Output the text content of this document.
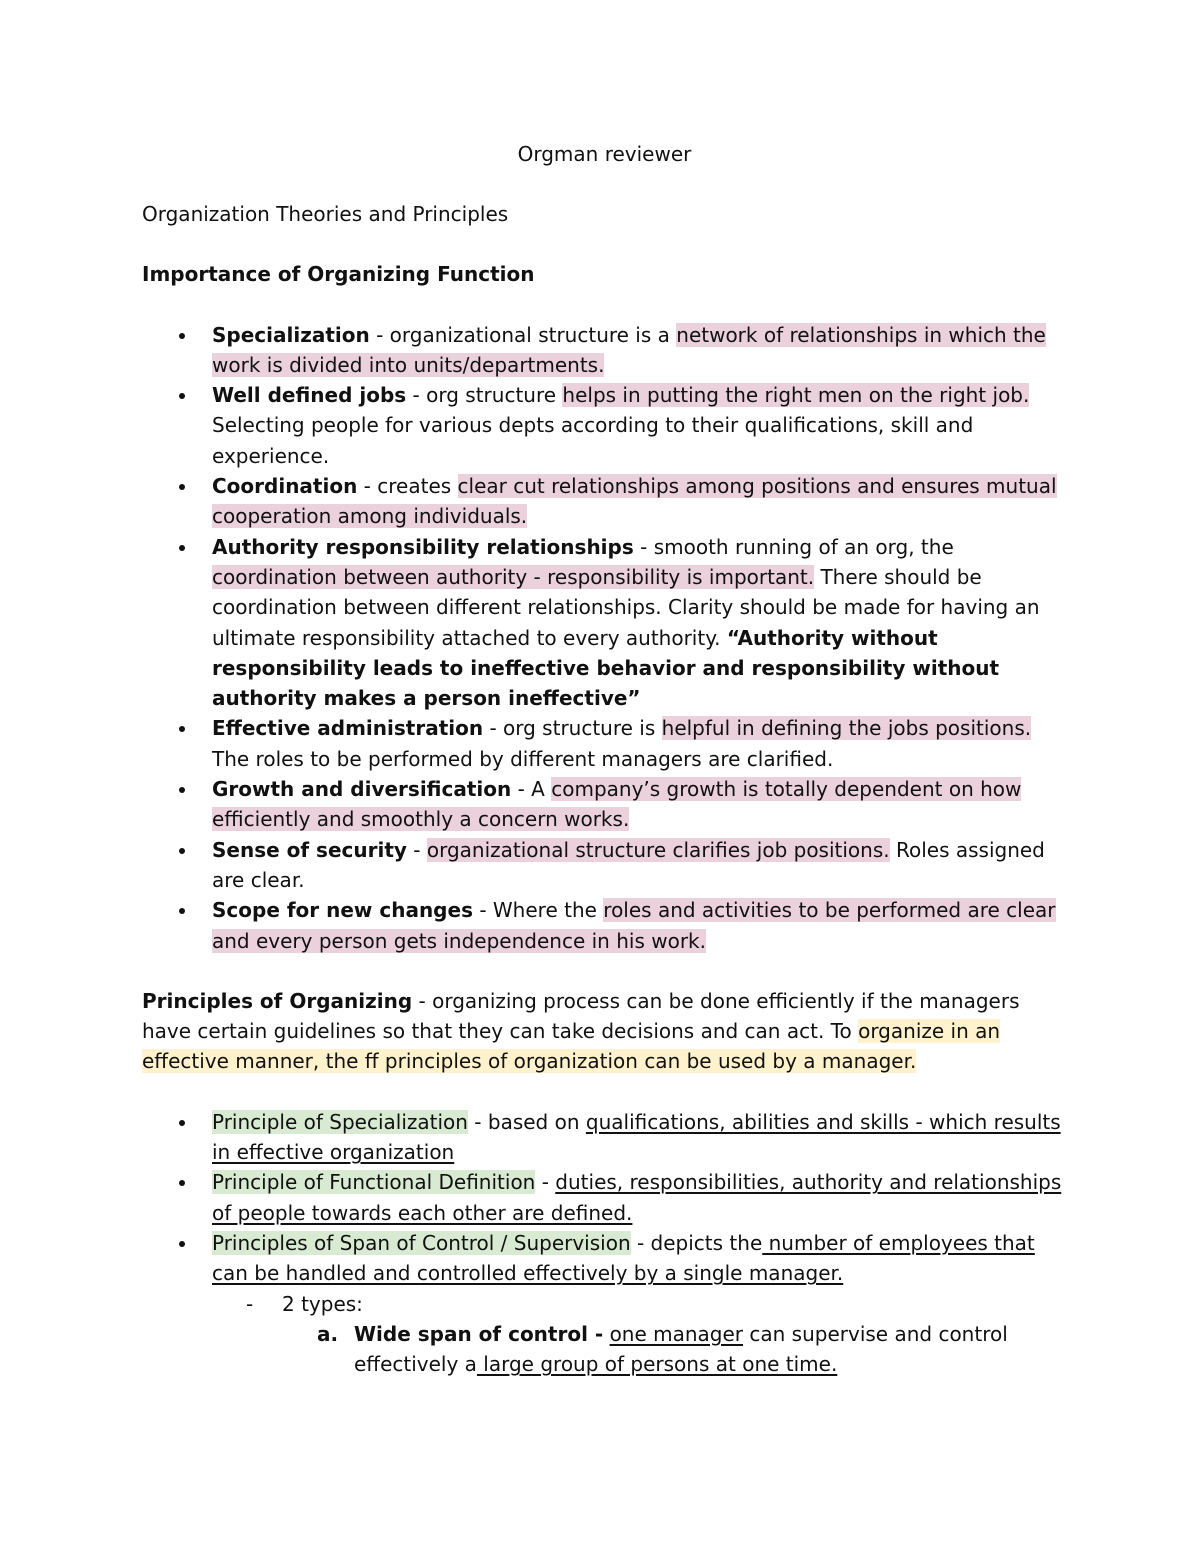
Orgman reviewer
Organization Theories and Principles
Importance of Organizing Function
Specialization - organizational structure is a network of relationships in which the work is divided into units/departments.
Well defined jobs - org structure helps in putting the right men on the right job. Selecting people for various depts according to their qualifications, skill and experience.
Coordination - creates clear cut relationships among positions and ensures mutual cooperation among individuals.
Authority responsibility relationships - smooth running of an org, the coordination between authority - responsibility is important. There should be coordination between different relationships. Clarity should be made for having an ultimate responsibility attached to every authority. “Authority without responsibility leads to ineffective behavior and responsibility without authority makes a person ineffective”
Effective administration - org structure is helpful in defining the jobs positions. The roles to be performed by different managers are clarified.
Growth and diversification - A company’s growth is totally dependent on how efficiently and smoothly a concern works.
Sense of security - organizational structure clarifies job positions. Roles assigned are clear.
Scope for new changes - Where the roles and activities to be performed are clear and every person gets independence in his work.

Principles of Organizing - organizing process can be done efficiently if the managers have certain guidelines so that they can take decisions and can act. To organize in an effective manner, the ff principles of organization can be used by a manager.

Principle of Specialization - based on qualifications, abilities and skills - which results in effective organization
Principle of Functional Definition - duties, responsibilities, authority and relationships of people towards each other are defined.
Principles of Span of Control / Supervision - depicts the number of employees that can be handled and controlled effectively by a single manager.
- 2 types:
a. Wide span of control - one manager can supervise and control effectively a large group of persons at one time.
